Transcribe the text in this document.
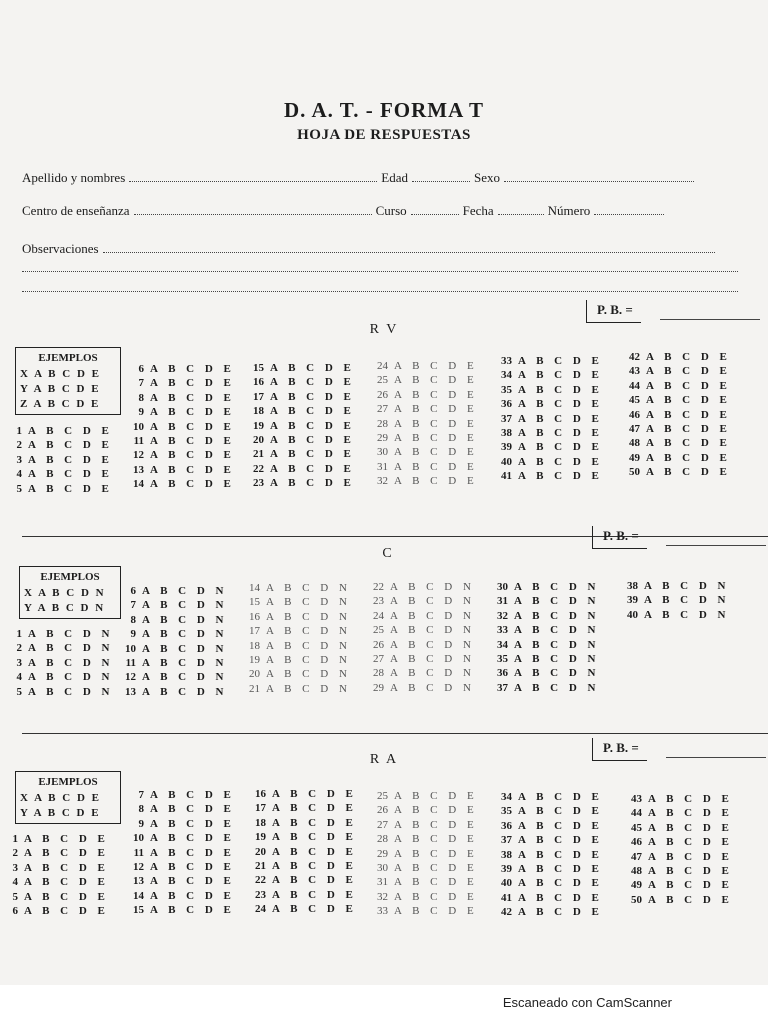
D. A. T. - FORMA T
HOJA DE RESPUESTAS
Apellido y nombres	Edad	Sexo
Centro de enseñanza	Curso	Fecha	Número
Observaciones
P. B. =
R V
EJEMPLOS
X A B C D E
Y A B C D E
Z A B C D E
1 A B C D E
2 A B C D E
3 A B C D E
4 A B C D E
5 A B C D E
6 A B C D E
7 A B C D E
8 A B C D E
9 A B C D E
10 A B C D E
11 A B C D E
12 A B C D E
13 A B C D E
14 A B C D E
15 A B C D E
16 A B C D E
17 A B C D E
18 A B C D E
19 A B C D E
20 A B C D E
21 A B C D E
22 A B C D E
23 A B C D E
24 A B C D E
25 A B C D E
26 A B C D E
27 A B C D E
28 A B C D E
29 A B C D E
30 A B C D E
31 A B C D E
32 A B C D E
33 A B C D E
34 A B C D E
35 A B C D E
36 A B C D E
37 A B C D E
38 A B C D E
39 A B C D E
40 A B C D E
41 A B C D E
42 A B C D E
43 A B C D E
44 A B C D E
45 A B C D E
46 A B C D E
47 A B C D E
48 A B C D E
49 A B C D E
50 A B C D E
P. B. =
C
EJEMPLOS
X A B C D N
Y A B C D N
1 A B C D N
2 A B C D N
3 A B C D N
4 A B C D N
5 A B C D N
6 A B C D N
7 A B C D N
8 A B C D N
9 A B C D N
10 A B C D N
11 A B C D N
12 A B C D N
13 A B C D N
14 A B C D N
15 A B C D N
16 A B C D N
17 A B C D N
18 A B C D N
19 A B C D N
20 A B C D N
21 A B C D N
22 A B C D N
23 A B C D N
24 A B C D N
25 A B C D N
26 A B C D N
27 A B C D N
28 A B C D N
29 A B C D N
30 A B C D N
31 A B C D N
32 A B C D N
33 A B C D N
34 A B C D N
35 A B C D N
36 A B C D N
37 A B C D N
38 A B C D N
39 A B C D N
40 A B C D N
P. B. =
R A
EJEMPLOS
X A B C D E
Y A B C D E
1 A B C D E
2 A B C D E
3 A B C D E
4 A B C D E
5 A B C D E
6 A B C D E
7 A B C D E
8 A B C D E
9 A B C D E
10 A B C D E
11 A B C D E
12 A B C D E
13 A B C D E
14 A B C D E
15 A B C D E
16 A B C D E
17 A B C D E
18 A B C D E
19 A B C D E
20 A B C D E
21 A B C D E
22 A B C D E
23 A B C D E
24 A B C D E
25 A B C D E
26 A B C D E
27 A B C D E
28 A B C D E
29 A B C D E
30 A B C D E
31 A B C D E
32 A B C D E
33 A B C D E
34 A B C D E
35 A B C D E
36 A B C D E
37 A B C D E
38 A B C D E
39 A B C D E
40 A B C D E
41 A B C D E
42 A B C D E
43 A B C D E
44 A B C D E
45 A B C D E
46 A B C D E
47 A B C D E
48 A B C D E
49 A B C D E
50 A B C D E
Escaneado con CamScanner
